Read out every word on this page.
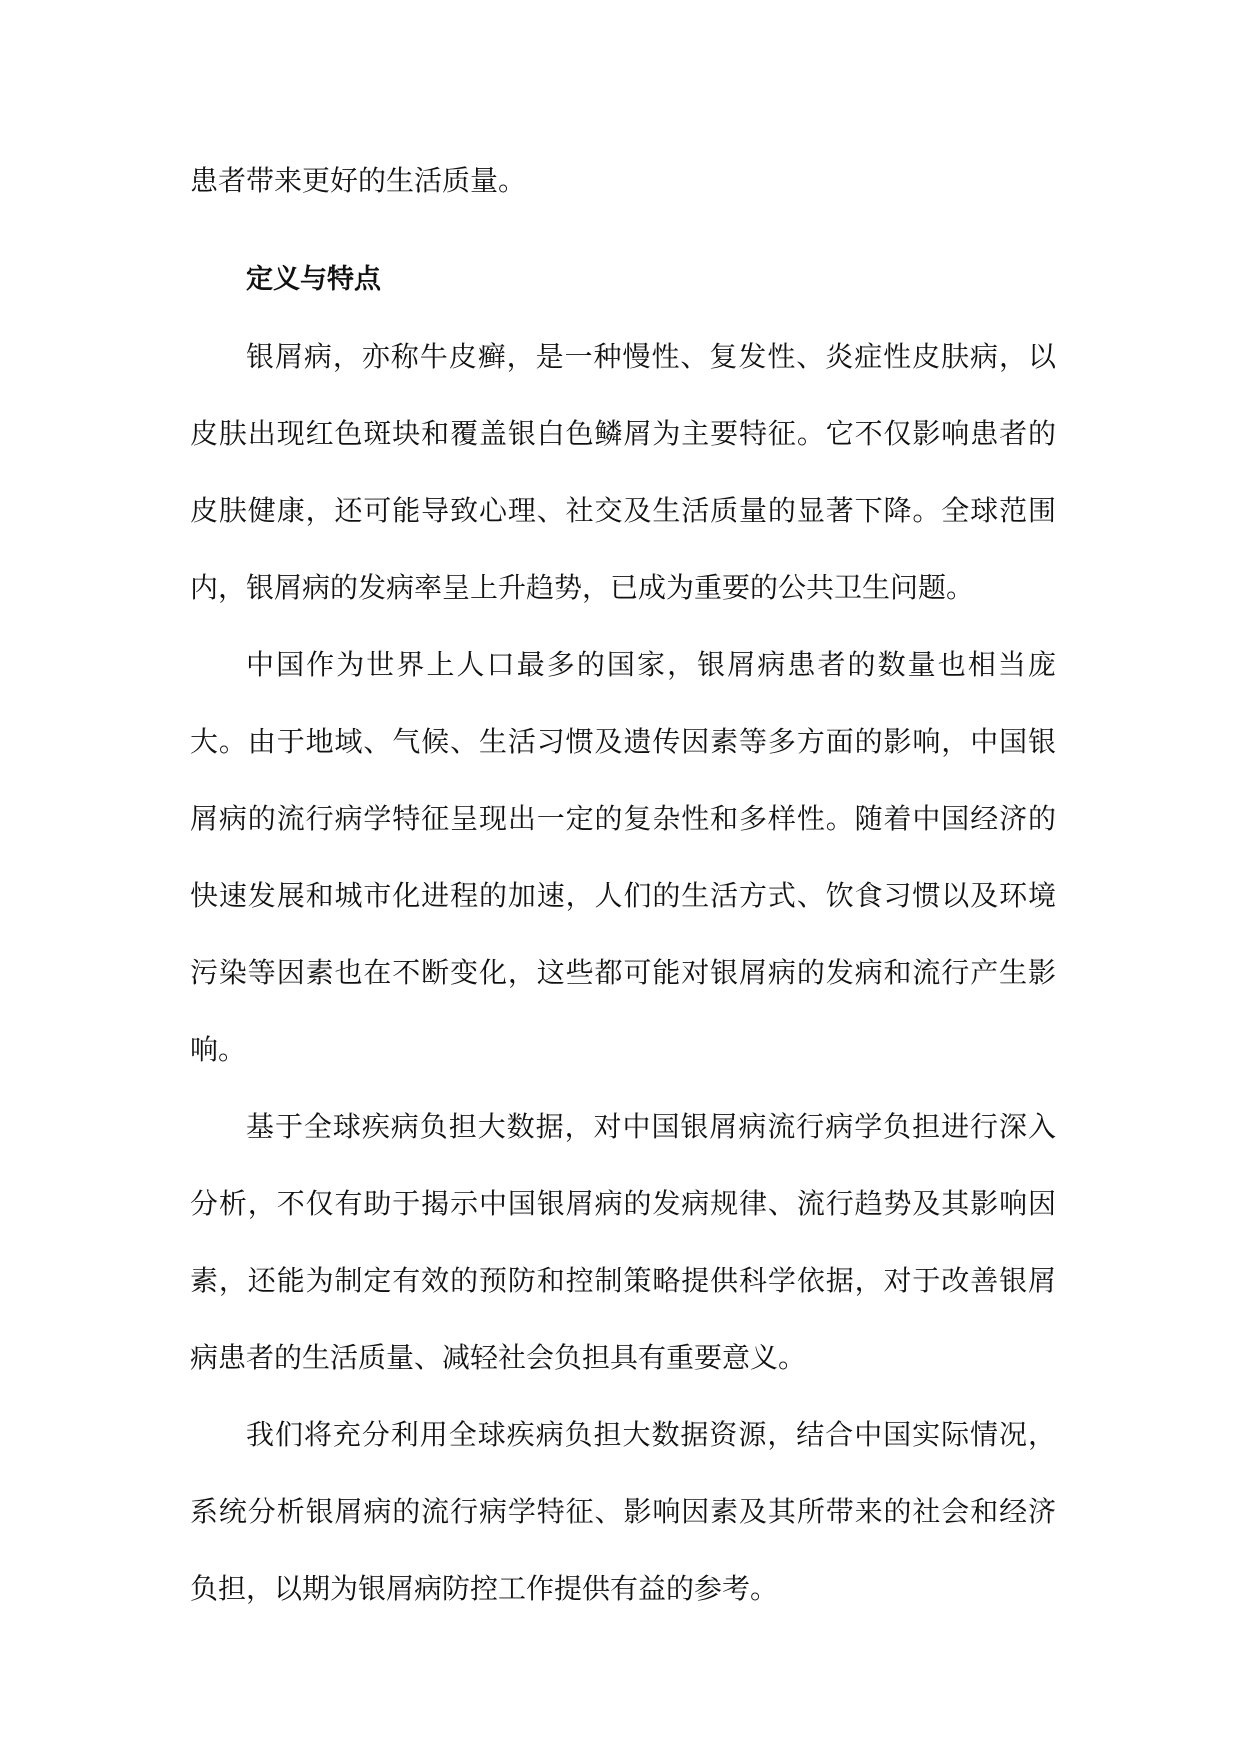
患者带来更好的生活质量。

定义与特点

银屑病，亦称牛皮癣，是一种慢性、复发性、炎症性皮肤病，以皮肤出现红色斑块和覆盖银白色鳞屑为主要特征。它不仅影响患者的皮肤健康，还可能导致心理、社交及生活质量的显著下降。全球范围内，银屑病的发病率呈上升趋势，已成为重要的公共卫生问题。

中国作为世界上人口最多的国家，银屑病患者的数量也相当庞大。由于地域、气候、生活习惯及遗传因素等多方面的影响，中国银屑病的流行病学特征呈现出一定的复杂性和多样性。随着中国经济的快速发展和城市化进程的加速，人们的生活方式、饮食习惯以及环境污染等因素也在不断变化，这些都可能对银屑病的发病和流行产生影响。

基于全球疾病负担大数据，对中国银屑病流行病学负担进行深入分析，不仅有助于揭示中国银屑病的发病规律、流行趋势及其影响因素，还能为制定有效的预防和控制策略提供科学依据，对于改善银屑病患者的生活质量、减轻社会负担具有重要意义。

我们将充分利用全球疾病负担大数据资源，结合中国实际情况，系统分析银屑病的流行病学特征、影响因素及其所带来的社会和经济负担，以期为银屑病防控工作提供有益的参考。
